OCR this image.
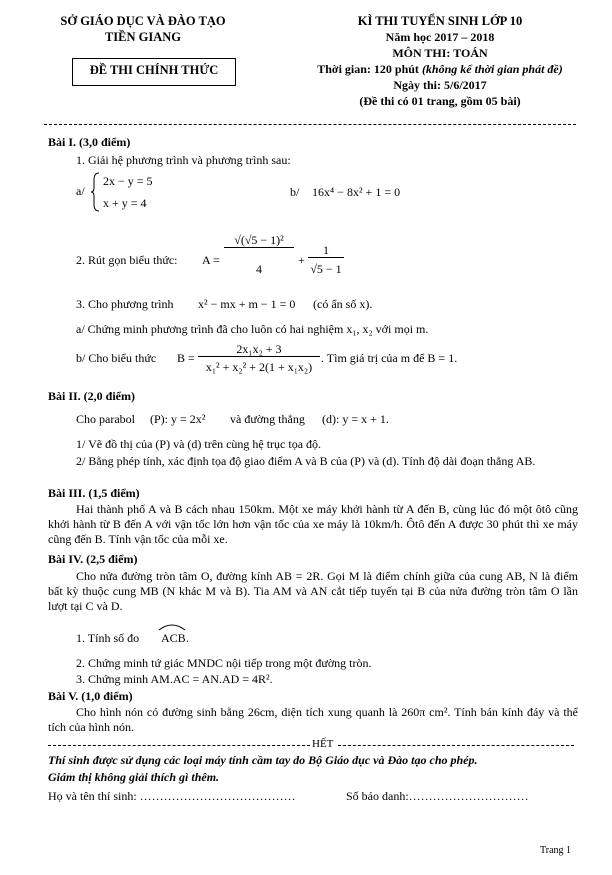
SỞ GIÁO DỤC VÀ ĐÀO TẠO
TIỀN GIANG
ĐỀ THI CHÍNH THỨC
KÌ THI TUYỂN SINH LỚP 10
Năm học 2017 – 2018
MÔN THI: TOÁN
Thời gian: 120 phút (không kể thời gian phát đề)
Ngày thi: 5/6/2017
(Đề thi có 01 trang, gồm 05 bài)
Bài I. (3,0 điểm)
1. Giải hệ phương trình và phương trình sau:
a/
2x − y = 5
x + y = 4
b/ 16x⁴ − 8x² + 1 = 0
2. Rút gọn biểu thức: A =
√(√5 − 1)²
4
+
1
√5 − 1
3. Cho phương trình x² − mx + m − 1 = 0 (có ẩn số x).
a/ Chứng minh phương trình đã cho luôn có hai nghiệm x₁, x₂ với mọi m.
b/ Cho biểu thức B =
2x₁x₂ + 3
x₁² + x₂² + 2(1 + x₁x₂)
. Tìm giá trị của m để B = 1.
Bài II. (2,0 điểm)
Cho parabol (P): y = 2x² và đường thẳng (d): y = x + 1.
1/ Vẽ đồ thị của (P) và (d) trên cùng hệ trục tọa độ.
2/ Bằng phép tính, xác định tọa độ giao điểm A và B của (P) và (d). Tính độ dài đoạn thẳng AB.
Bài III. (1,5 điểm)
Hai thành phố A và B cách nhau 150km. Một xe máy khởi hành từ A đến B, cùng lúc đó một ôtô cũng khởi hành từ B đến A với vận tốc lớn hơn vận tốc của xe máy là 10km/h. Ôtô đến A được 30 phút thì xe máy cũng đến B. Tính vận tốc của mỗi xe.
Bài IV. (2,5 điểm)
Cho nửa đường tròn tâm O, đường kính AB = 2R. Gọi M là điểm chính giữa của cung AB, N là điểm bất kỳ thuộc cung MB (N khác M và B). Tia AM và AN cắt tiếp tuyến tại B của nửa đường tròn tâm O lần lượt tại C và D.
1. Tính số đo ACB .
2. Chứng minh tứ giác MNDC nội tiếp trong một đường tròn.
3. Chứng minh AM.AC = AN.AD = 4R².
Bài V. (1,0 điểm)
Cho hình nón có đường sinh bằng 26cm, diện tích xung quanh là 260π cm². Tính bán kính đáy và thể tích của hình nón.
HẾT
Thí sinh được sử dụng các loại máy tính cầm tay do Bộ Giáo dục và Đào tạo cho phép.
Giám thị không giải thích gì thêm.
Họ và tên thí sinh: …………………………………	Số báo danh:…………………………
Trang 1
